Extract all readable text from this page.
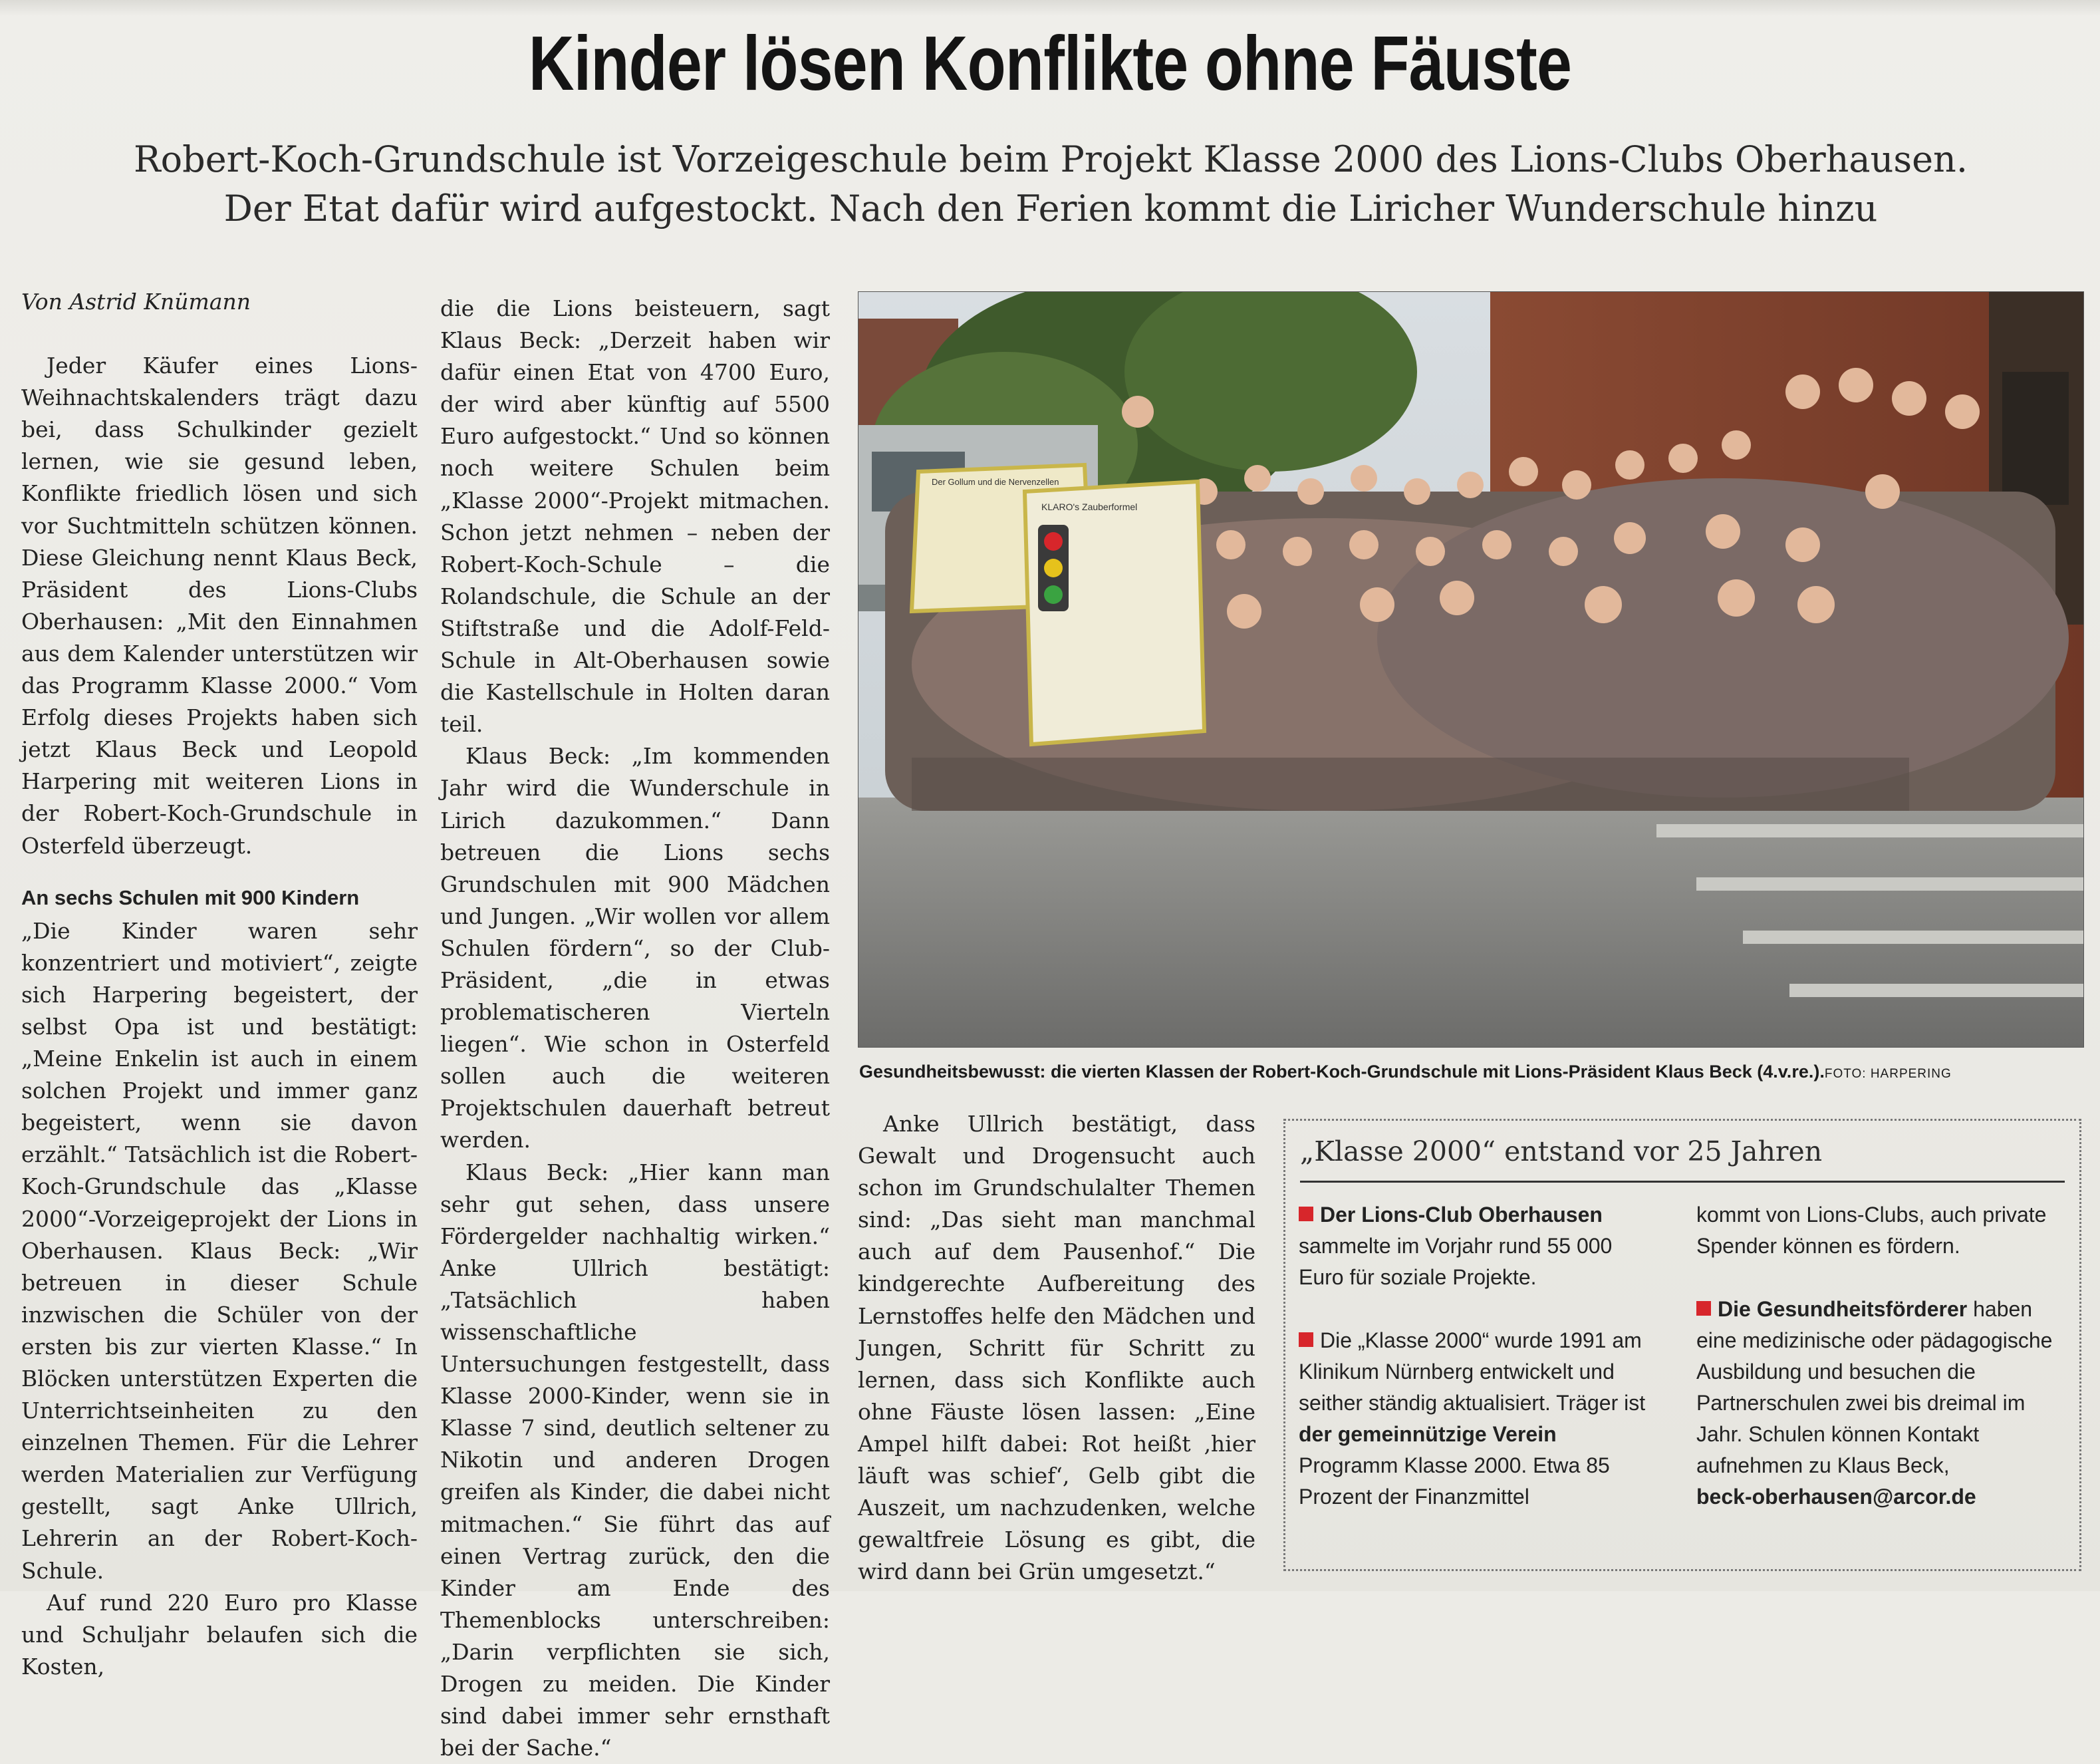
Kinder lösen Konflikte ohne Fäuste

Robert-Koch-Grundschule ist Vorzeigeschule beim Projekt Klasse 2000 des Lions-Clubs Oberhausen.

Der Etat dafür wird aufgestockt. Nach den Ferien kommt die Liricher Wunderschule hinzu

Von Astrid Knümann

Jeder Käufer eines Lions-Weihnachtskalenders trägt dazu bei, dass Schulkinder gezielt lernen, wie sie gesund leben, Konflikte friedlich lösen und sich vor Suchtmitteln schützen können. Diese Gleichung nennt Klaus Beck, Präsident des Lions-Clubs Oberhausen: „Mit den Einnahmen aus dem Kalender unterstützen wir das Programm Klasse 2000.“ Vom Erfolg dieses Projekts haben sich jetzt Klaus Beck und Leopold Harpering mit weiteren Lions in der Robert-Koch-Grundschule in Osterfeld überzeugt.

An sechs Schulen mit 900 Kindern

„Die Kinder waren sehr konzentriert und motiviert“, zeigte sich Harpering begeistert, der selbst Opa ist und bestätigt: „Meine Enkelin ist auch in einem solchen Projekt und immer ganz begeistert, wenn sie davon erzählt.“ Tatsächlich ist die Robert-Koch-Grundschule das „Klasse 2000“-Vorzeigeprojekt der Lions in Oberhausen. Klaus Beck: „Wir betreuen in dieser Schule inzwischen die Schüler von der ersten bis zur vierten Klasse.“ In Blöcken unterstützen Experten die Unterrichtseinheiten zu den einzelnen Themen. Für die Lehrer werden Materialien zur Verfügung gestellt, sagt Anke Ullrich, Lehrerin an der Robert-Koch-Schule.

Auf rund 220 Euro pro Klasse und Schuljahr belaufen sich die Kosten,

die die Lions beisteuern, sagt Klaus Beck: „Derzeit haben wir dafür einen Etat von 4700 Euro, der wird aber künftig auf 5500 Euro aufgestockt.“ Und so können noch weitere Schulen beim „Klasse 2000“-Projekt mitmachen. Schon jetzt nehmen – neben der Robert-Koch-Schule – die Rolandschule, die Schule an der Stiftstraße und die Adolf-Feld-Schule in Alt-Oberhausen sowie die Kastellschule in Holten daran teil.

Klaus Beck: „Im kommenden Jahr wird die Wunderschule in Lirich dazukommen.“ Dann betreuen die Lions sechs Grundschulen mit 900 Mädchen und Jungen. „Wir wollen vor allem Schulen fördern“, so der Club-Präsident, „die in etwas problematischeren Vierteln liegen“. Wie schon in Osterfeld sollen auch die weiteren Projektschulen dauerhaft betreut werden.

Klaus Beck: „Hier kann man sehr gut sehen, dass unsere Fördergelder nachhaltig wirken.“ Anke Ullrich bestätigt: „Tatsächlich haben wissenschaftliche Untersuchungen festgestellt, dass Klasse 2000-Kinder, wenn sie in Klasse 7 sind, deutlich seltener zu Nikotin und anderen Drogen greifen als Kinder, die dabei nicht mitmachen.“ Sie führt das auf einen Vertrag zurück, den die Kinder am Ende des Themenblocks unterschreiben: „Darin verpflichten sie sich, Drogen zu meiden. Die Kinder sind dabei immer sehr ernsthaft bei der Sache.“

Der Gollum und die Nervenzellen
KLARO's Zauberformel
Gesundheitsbewusst: die vierten Klassen der Robert-Koch-Grundschule mit Lions-Präsident Klaus Beck (4.v.re.).FOTO: HARPERING

Anke Ullrich bestätigt, dass Gewalt und Drogensucht auch schon im Grundschulalter Themen sind: „Das sieht man manchmal auch auf dem Pausenhof.“ Die kindgerechte Aufbereitung des Lernstoffes helfe den Mädchen und Jungen, Schritt für Schritt zu lernen, dass sich Konflikte auch ohne Fäuste lösen lassen: „Eine Ampel hilft dabei: Rot heißt ‚hier läuft was schief‘, Gelb gibt die Auszeit, um nachzudenken, welche gewaltfreie Lösung es gibt, die wird dann bei Grün umgesetzt.“

„Klasse 2000“ entstand vor 25 Jahren

Der Lions-Club Oberhausen sammelte im Vorjahr rund 55 000 Euro für soziale Projekte.

Die „Klasse 2000“ wurde 1991 am Klinikum Nürnberg entwickelt und seither ständig aktualisiert. Träger ist der gemeinnützige Verein Programm Klasse 2000. Etwa 85 Prozent der Finanzmittel

kommt von Lions-Clubs, auch private Spender können es fördern.

Die Gesundheitsförderer haben eine medizinische oder pädagogische Ausbildung und besuchen die Partnerschulen zwei bis dreimal im Jahr. Schulen können Kontakt aufnehmen zu Klaus Beck,
beck-oberhausen@arcor.de
